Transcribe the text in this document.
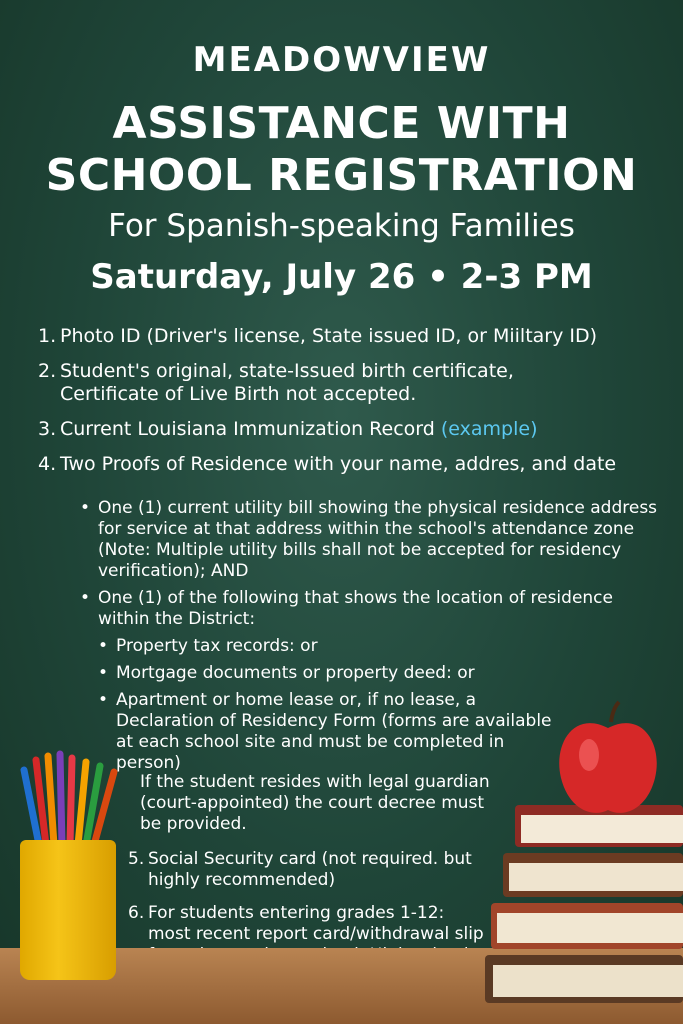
MEADOWVIEW
ASSISTANCE WITH
SCHOOL REGISTRATION
For Spanish-speaking Families
Saturday, July 26 • 2-3 PM
1. Photo ID (Driver's license, State issued ID, or Miiltary ID)
2. Student's original, state-Issued birth certificate, Certificate of Live Birth not accepted.
3. Current Louisiana Immunization Record (example)
4. Two Proofs of Residence with your name, addres, and date
• One (1) current utility bill showing the physical residence address for service at that address within the school's attendance zone (Note: Multiple utility bills shall not be accepted for residency verification); AND
• One (1) of the following that shows the location of residence within the District:
• Property tax records: or
• Mortgage documents or property deed: or
• Apartment or home lease or, if no lease, a Declaration of Residency Form (forms are available at each school site and must be completed in person)
If the student resides with legal guardian (court-appointed) the court decree must be provided.
5. Social Security card (not required. but highly recommended)
6. For students entering grades 1-12: most recent report card/withdrawal slip
